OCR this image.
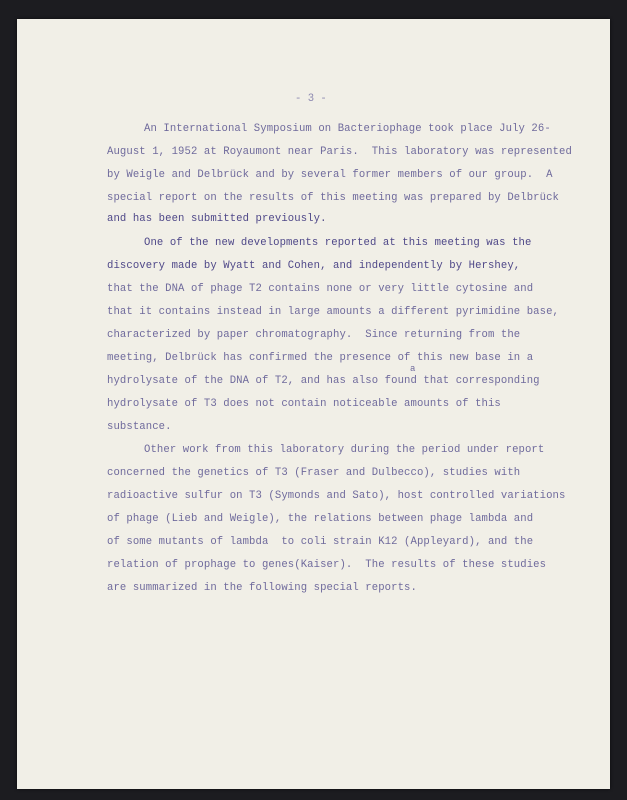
- 3 -
An International Symposium on Bacteriophage took place July 26-
August 1, 1952 at Royaumont near Paris.  This laboratory was represented
by Weigle and Delbrück and by several former members of our group.  A
special report on the results of this meeting was prepared by Delbrück
and has been submitted previously.
One of the new developments reported at this meeting was the
discovery made by Wyatt and Cohen, and independently by Hershey,
that the DNA of phage T2 contains none or very little cytosine and
that it contains instead in large amounts a different pyrimidine base,
characterized by paper chromatography.  Since returning from the
meeting, Delbrück has confirmed the presence of this new base in a
a
hydrolysate of the DNA of T2, and has also found that corresponding
hydrolysate of T3 does not contain noticeable amounts of this
substance.
Other work from this laboratory during the period under report
concerned the genetics of T3 (Fraser and Dulbecco), studies with
radioactive sulfur on T3 (Symonds and Sato), host controlled variations
of phage (Lieb and Weigle), the relations between phage lambda and
of some mutants of lambda  to coli strain K12 (Appleyard), and the
relation of prophage to genes(Kaiser).  The results of these studies
are summarized in the following special reports.
